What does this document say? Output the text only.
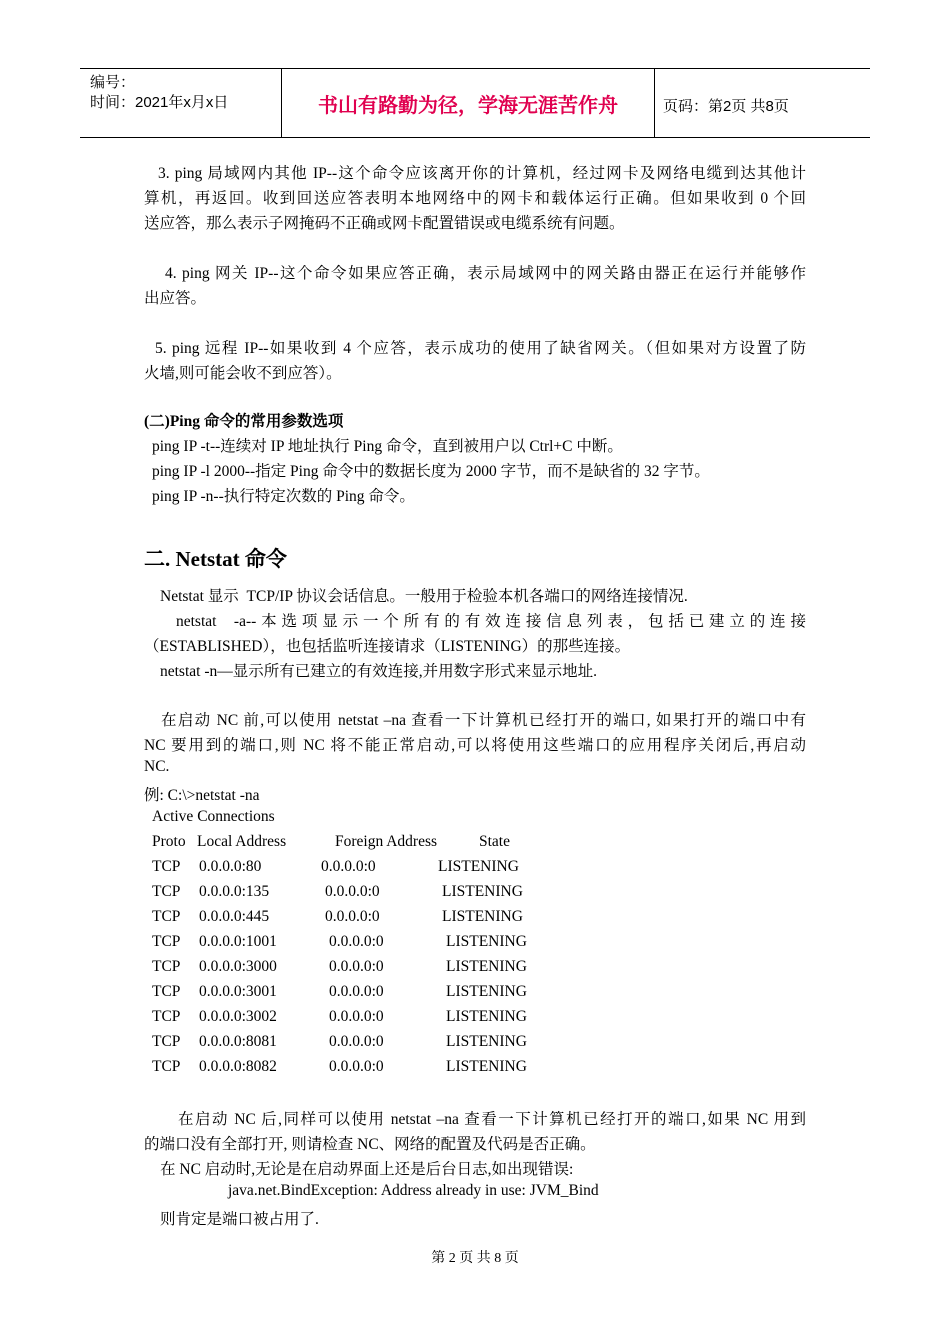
编号：
时间：2021年x月x日	书山有路勤为径，学海无涯苦作舟	页码：第2页 共8页
3. ping 局域网内其他 IP--这个命令应该离开你的计算机，经过网卡及网络电缆到达其他计
算机，再返回。收到回送应答表明本地网络中的网卡和载体运行正确。但如果收到 0 个回
送应答，那么表示子网掩码不正确或网卡配置错误或电缆系统有问题。
4. ping 网关 IP--这个命令如果应答正确，表示局域网中的网关路由器正在运行并能够作
出应答。
5. ping 远程 IP--如果收到 4 个应答，表示成功的使用了缺省网关。（但如果对方设置了防
火墙,则可能会收不到应答）。
(二)Ping 命令的常用参数选项
ping IP -t--连续对 IP 地址执行 Ping 命令，直到被用户以 Ctrl+C 中断。
ping IP -l 2000--指定 Ping 命令中的数据长度为 2000 字节，而不是缺省的 32 字节。
ping IP -n--执行特定次数的 Ping 命令。
二. Netstat 命令
Netstat 显示  TCP/IP 协议会话信息。一般用于检验本机各端口的网络连接情况.
netstat  -a--本选项显示一个所有的有效连接信息列表，包括已建立的连接
（ESTABLISHED），也包括监听连接请求（LISTENING）的那些连接。
netstat -n—显示所有已建立的有效连接,并用数字形式来显示地址.
在启动 NC 前,可以使用 netstat –na 查看一下计算机已经打开的端口, 如果打开的端口中有
NC 要用到的端口,则 NC 将不能正常启动,可以将使用这些端口的应用程序关闭后,再启动
NC.
例: C:\>netstat -na
Active Connections
Proto Local Address	Foreign Address	State
TCP 0.0.0.0:80	0.0.0.0:0	LISTENING
TCP 0.0.0.0:135	0.0.0.0:0	LISTENING
TCP 0.0.0.0:445	0.0.0.0:0	LISTENING
TCP 0.0.0.0:1001	0.0.0.0:0	LISTENING
TCP 0.0.0.0:3000	0.0.0.0:0	LISTENING
TCP 0.0.0.0:3001	0.0.0.0:0	LISTENING
TCP 0.0.0.0:3002	0.0.0.0:0	LISTENING
TCP 0.0.0.0:8081	0.0.0.0:0	LISTENING
TCP 0.0.0.0:8082	0.0.0.0:0	LISTENING
在启动 NC 后,同样可以使用 netstat –na 查看一下计算机已经打开的端口,如果 NC 用到
的端口没有全部打开, 则请检查 NC、网络的配置及代码是否正确。
在 NC 启动时,无论是在启动界面上还是后台日志,如出现错误:
java.net.BindException: Address already in use: JVM_Bind
则肯定是端口被占用了.
第 2 页 共 8 页
